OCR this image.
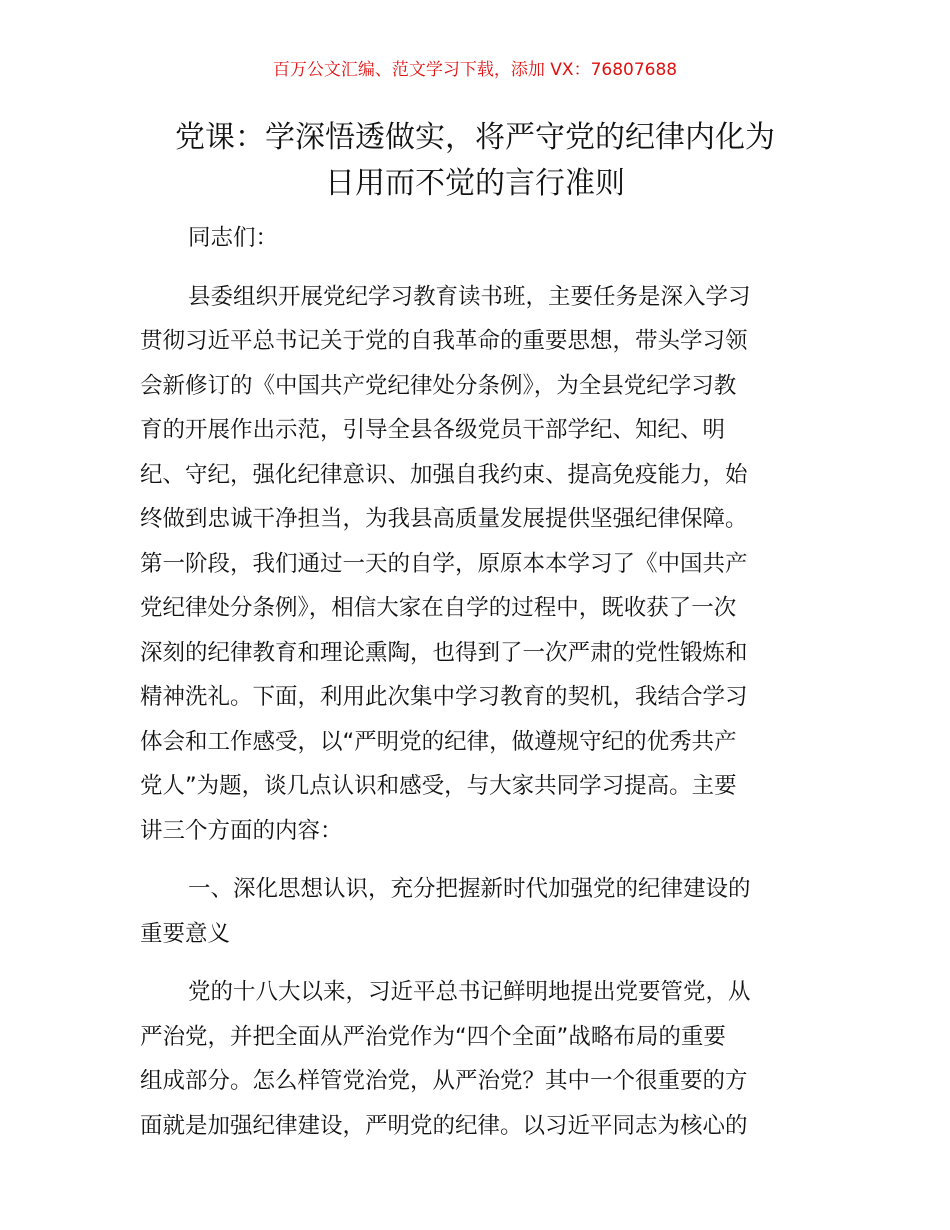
百万公文汇编、范文学习下载，添加 VX：76807688
党课：学深悟透做实，将严守党的纪律内化为
日用而不觉的言行准则
同志们：
县委组织开展党纪学习教育读书班，主要任务是深入学习
贯彻习近平总书记关于党的自我革命的重要思想，带头学习领
会新修订的《中国共产党纪律处分条例》，为全县党纪学习教
育的开展作出示范，引导全县各级党员干部学纪、知纪、明
纪、守纪，强化纪律意识、加强自我约束、提高免疫能力，始
终做到忠诚干净担当，为我县高质量发展提供坚强纪律保障。
第一阶段，我们通过一天的自学，原原本本学习了《中国共产
党纪律处分条例》，相信大家在自学的过程中，既收获了一次
深刻的纪律教育和理论熏陶，也得到了一次严肃的党性锻炼和
精神洗礼。下面，利用此次集中学习教育的契机，我结合学习
体会和工作感受，以“严明党的纪律，做遵规守纪的优秀共产
党人”为题，谈几点认识和感受，与大家共同学习提高。主要
讲三个方面的内容：
一、深化思想认识，充分把握新时代加强党的纪律建设的
重要意义
党的十八大以来，习近平总书记鲜明地提出党要管党，从
严治党，并把全面从严治党作为“四个全面”战略布局的重要
组成部分。怎么样管党治党，从严治党？其中一个很重要的方
面就是加强纪律建设，严明党的纪律。以习近平同志为核心的
